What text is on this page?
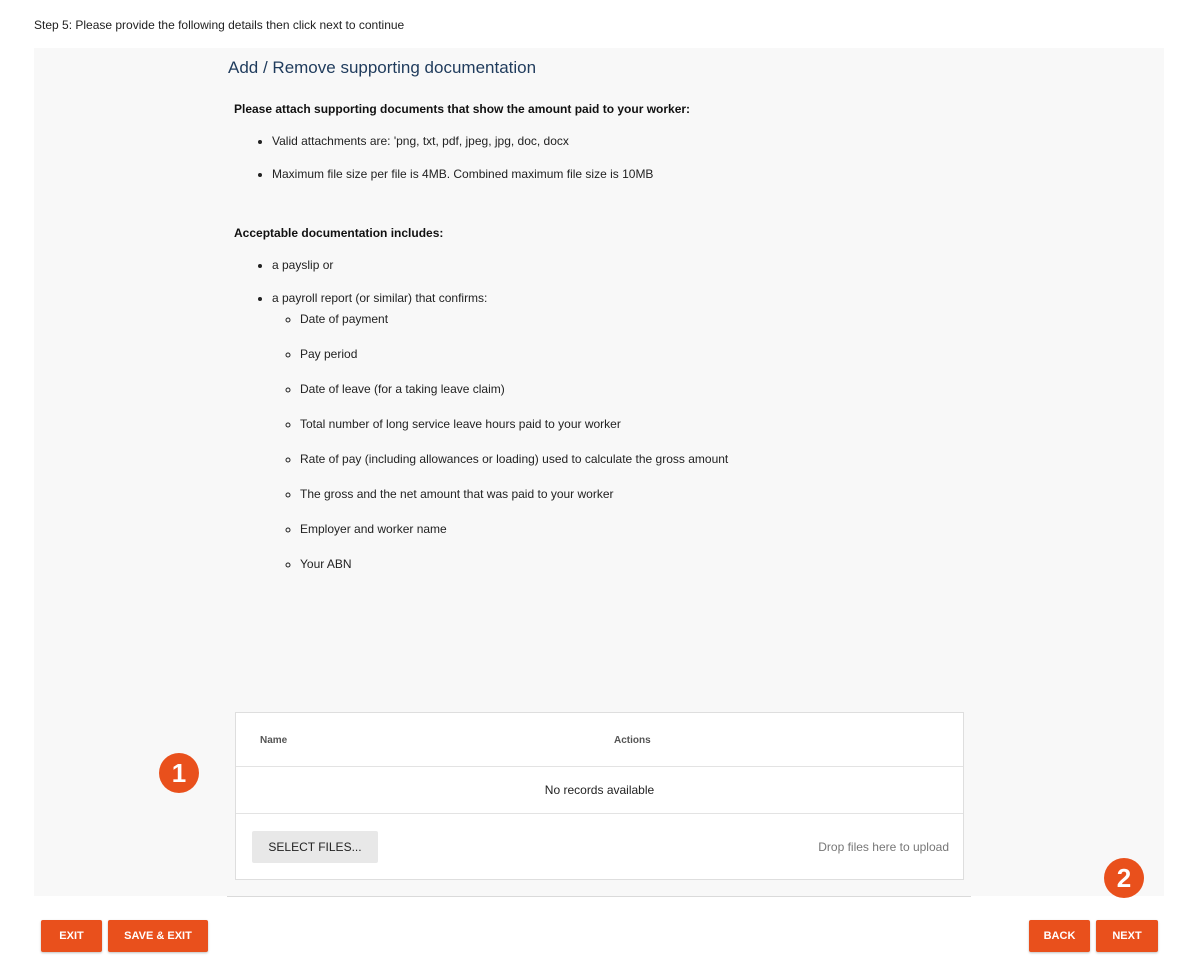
Step 5: Please provide the following details then click next to continue
Add / Remove supporting documentation

Please attach supporting documents that show the amount paid to your worker:

• Valid attachments are: 'png, txt, pdf, jpeg, jpg, doc, docx
• Maximum file size per file is 4MB. Combined maximum file size is 10MB

Acceptable documentation includes:

• a payslip or
• a payroll report (or similar) that confirms:
◦ Date of payment
◦ Pay period
◦ Date of leave (for a taking leave claim)
◦ Total number of long service leave hours paid to your worker
◦ Rate of pay (including allowances or loading) used to calculate the gross amount
◦ The gross and the net amount that was paid to your worker
◦ Employer and worker name
◦ Your ABN
Name	Actions
No records available
SELECT FILES...	Drop files here to upload
1
2
EXIT	SAVE & EXIT	BACK	NEXT
